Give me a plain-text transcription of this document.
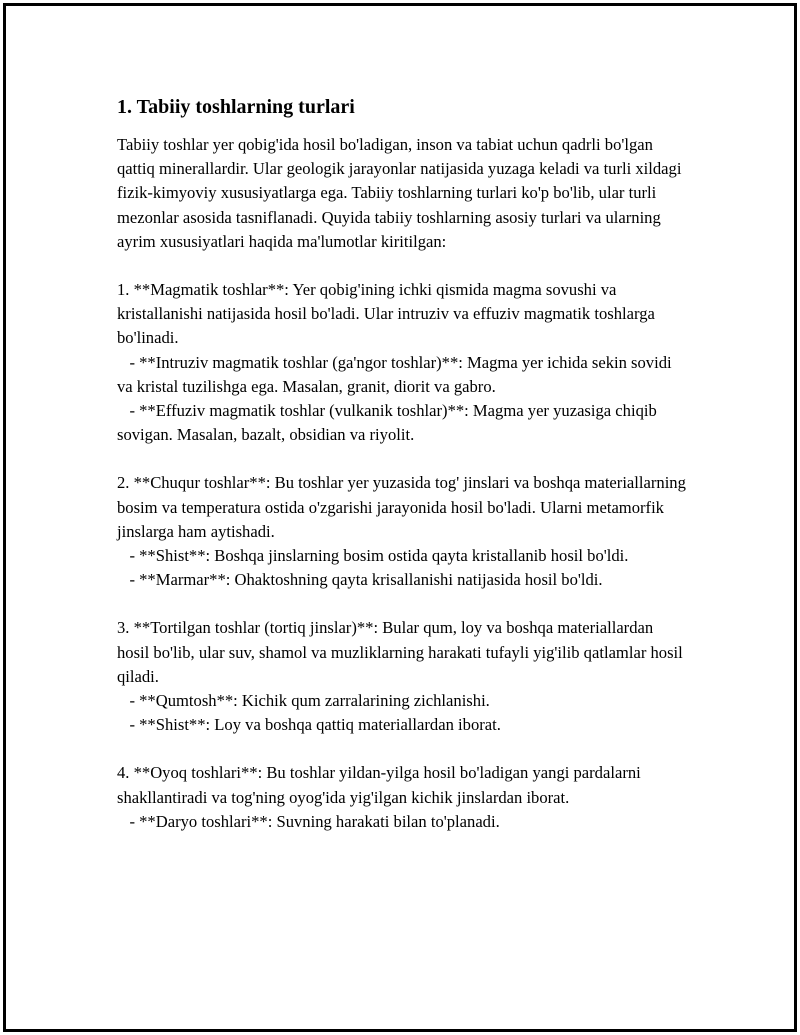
1. Tabiiy toshlarning turlari

Tabiiy toshlar yer qobig'ida hosil bo'ladigan, inson va tabiat uchun qadrli bo'lgan qattiq minerallardir. Ular geologik jarayonlar natijasida yuzaga keladi va turli xildagi fizik-kimyoviy xususiyatlarga ega. Tabiiy toshlarning turlari ko'p bo'lib, ular turli mezonlar asosida tasniflanadi. Quyida tabiiy toshlarning asosiy turlari va ularning ayrim xususiyatlari haqida ma'lumotlar kiritilgan:

1. **Magmatik toshlar**: Yer qobig'ining ichki qismida magma sovushi va kristallanishi natijasida hosil bo'ladi. Ular intruziv va effuziv magmatik toshlarga bo'linadi.

- **Intruziv magmatik toshlar (ga'ngor toshlar)**: Magma yer ichida sekin sovidi va kristal tuzilishga ega. Masalan, granit, diorit va gabro.

- **Effuziv magmatik toshlar (vulkanik toshlar)**: Magma yer yuzasiga chiqib sovigan. Masalan, bazalt, obsidian va riyolit.

2. **Chuqur toshlar**: Bu toshlar yer yuzasida tog' jinslari va boshqa materiallarning bosim va temperatura ostida o'zgarishi jarayonida hosil bo'ladi. Ularni metamorfik jinslarga ham aytishadi.

- **Shist**: Boshqa jinslarning bosim ostida qayta kristallanib hosil bo'ldi.

- **Marmar**: Ohaktoshning qayta krisallanishi natijasida hosil bo'ldi.

3. **Tortilgan toshlar (tortiq jinslar)**: Bular qum, loy va boshqa materiallardan hosil bo'lib, ular suv, shamol va muzliklarning harakati tufayli yig'ilib qatlamlar hosil qiladi.

- **Qumtosh**: Kichik qum zarralarining zichlanishi.

- **Shist**: Loy va boshqa qattiq materiallardan iborat.

4. **Oyoq toshlari**: Bu toshlar yildan-yilga hosil bo'ladigan yangi pardalarni shakllantiradi va tog'ning oyog'ida yig'ilgan kichik jinslardan iborat.

- **Daryo toshlari**: Suvning harakati bilan to'planadi.
